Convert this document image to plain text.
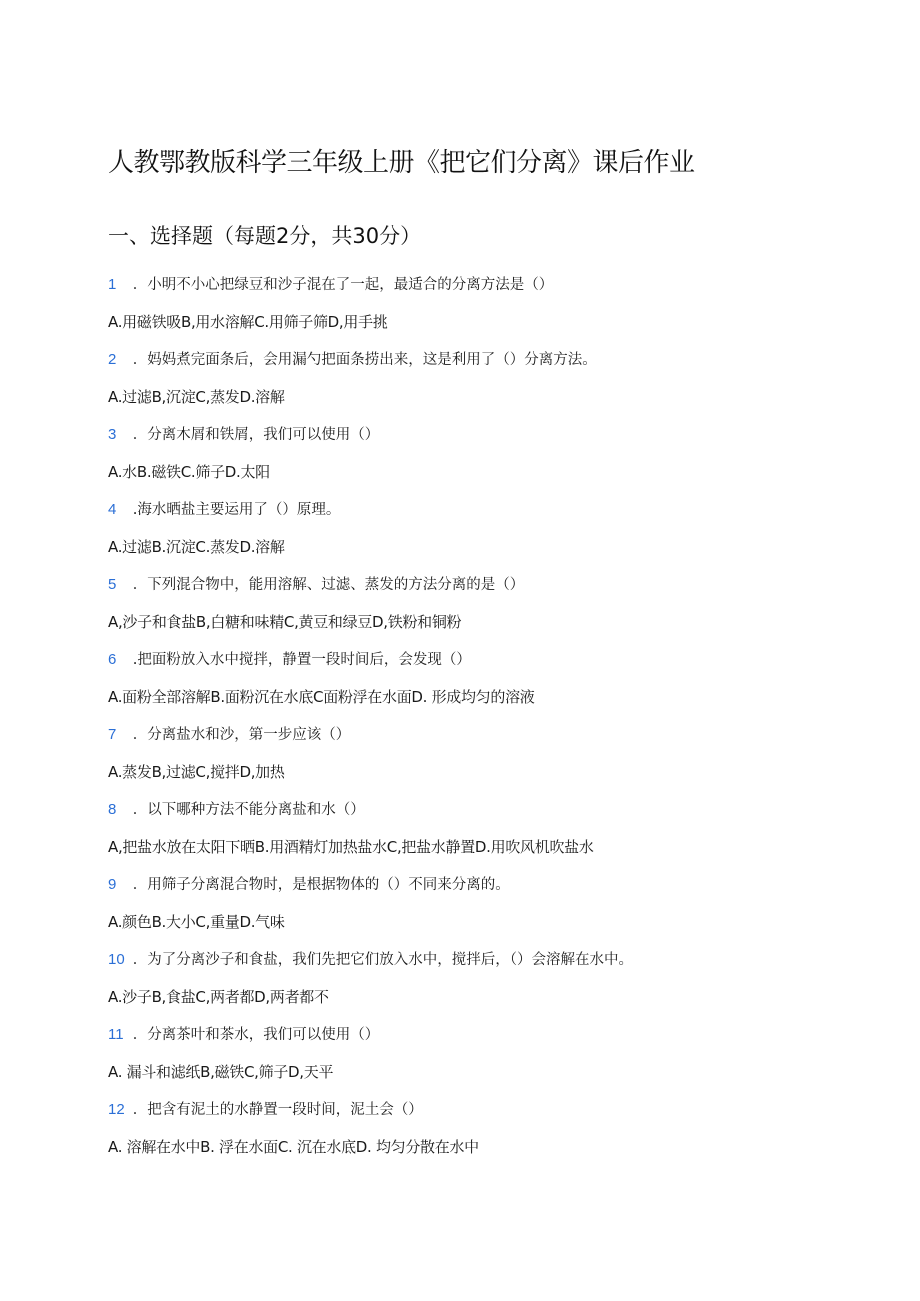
人教鄂教版科学三年级上册《把它们分离》课后作业
一、选择题（每题2分，共30分）
1 ．小明不小心把绿豆和沙子混在了一起，最适合的分离方法是（）
A.用磁铁吸B,用水溶解C.用筛子筛D,用手挑
2 ．妈妈煮完面条后，会用漏勺把面条捞出来，这是利用了（）分离方法。
A.过滤B,沉淀C,蒸发D.溶解
3 ．分离木屑和铁屑，我们可以使用（）
A.水B.磁铁C.筛子D.太阳
4 .海水晒盐主要运用了（）原理。
A.过滤B.沉淀C.蒸发D.溶解
5 ．下列混合物中，能用溶解、过滤、蒸发的方法分离的是（）
A,沙子和食盐B,白糖和味精C,黄豆和绿豆D,铁粉和铜粉
6 .把面粉放入水中搅拌，静置一段时间后，会发现（）
A.面粉全部溶解B.面粉沉在水底C面粉浮在水面D. 形成均匀的溶液
7 ．分离盐水和沙，第一步应该（）
A.蒸发B,过滤C,搅拌D,加热
8 ．以下哪种方法不能分离盐和水（）
A,把盐水放在太阳下晒B.用酒精灯加热盐水C,把盐水静置D.用吹风机吹盐水
9 ．用筛子分离混合物时，是根据物体的（）不同来分离的。
A.颜色B.大小C,重量D.气味
10 ．为了分离沙子和食盐，我们先把它们放入水中，搅拌后，（）会溶解在水中。
A.沙子B,食盐C,两者都D,两者都不
11 ．分离茶叶和茶水，我们可以使用（）
A. 漏斗和滤纸B,磁铁C,筛子D,天平
12 ．把含有泥土的水静置一段时间，泥土会（）
A. 溶解在水中B. 浮在水面C. 沉在水底D. 均匀分散在水中
